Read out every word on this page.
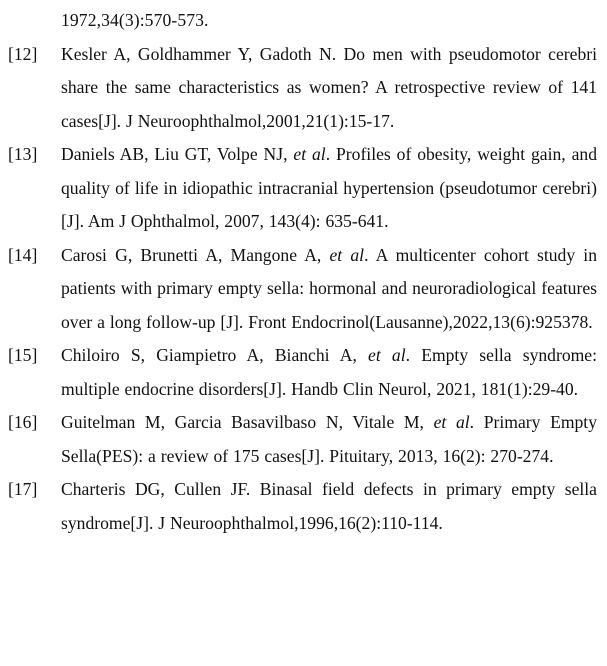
1972,34(3):570-573.
[12]	Kesler A, Goldhammer Y, Gadoth N. Do men with pseudomotor cerebri share the same characteristics as women? A retrospective review of 141 cases[J]. J Neuroophthalmol,2001,21(1):15-17.
[13]	Daniels AB, Liu GT, Volpe NJ, et al. Profiles of obesity, weight gain, and quality of life in idiopathic intracranial hypertension (pseudotumor cerebri)[J]. Am J Ophthalmol, 2007, 143(4): 635-641.
[14]	Carosi G, Brunetti A, Mangone A, et al. A multicenter cohort study in patients with primary empty sella: hormonal and neuroradiological features over a long follow-up [J]. Front Endocrinol(Lausanne),2022,13(6):925378.
[15]	Chiloiro S, Giampietro A, Bianchi A, et al. Empty sella syndrome: multiple endocrine disorders[J]. Handb Clin Neurol, 2021, 181(1):29-40.
[16]	Guitelman M, Garcia Basavilbaso N, Vitale M, et al. Primary Empty Sella(PES): a review of 175 cases[J]. Pituitary, 2013, 16(2): 270-274.
[17]	Charteris DG, Cullen JF. Binasal field defects in primary empty sella syndrome[J]. J Neuroophthalmol,1996,16(2):110-114.
